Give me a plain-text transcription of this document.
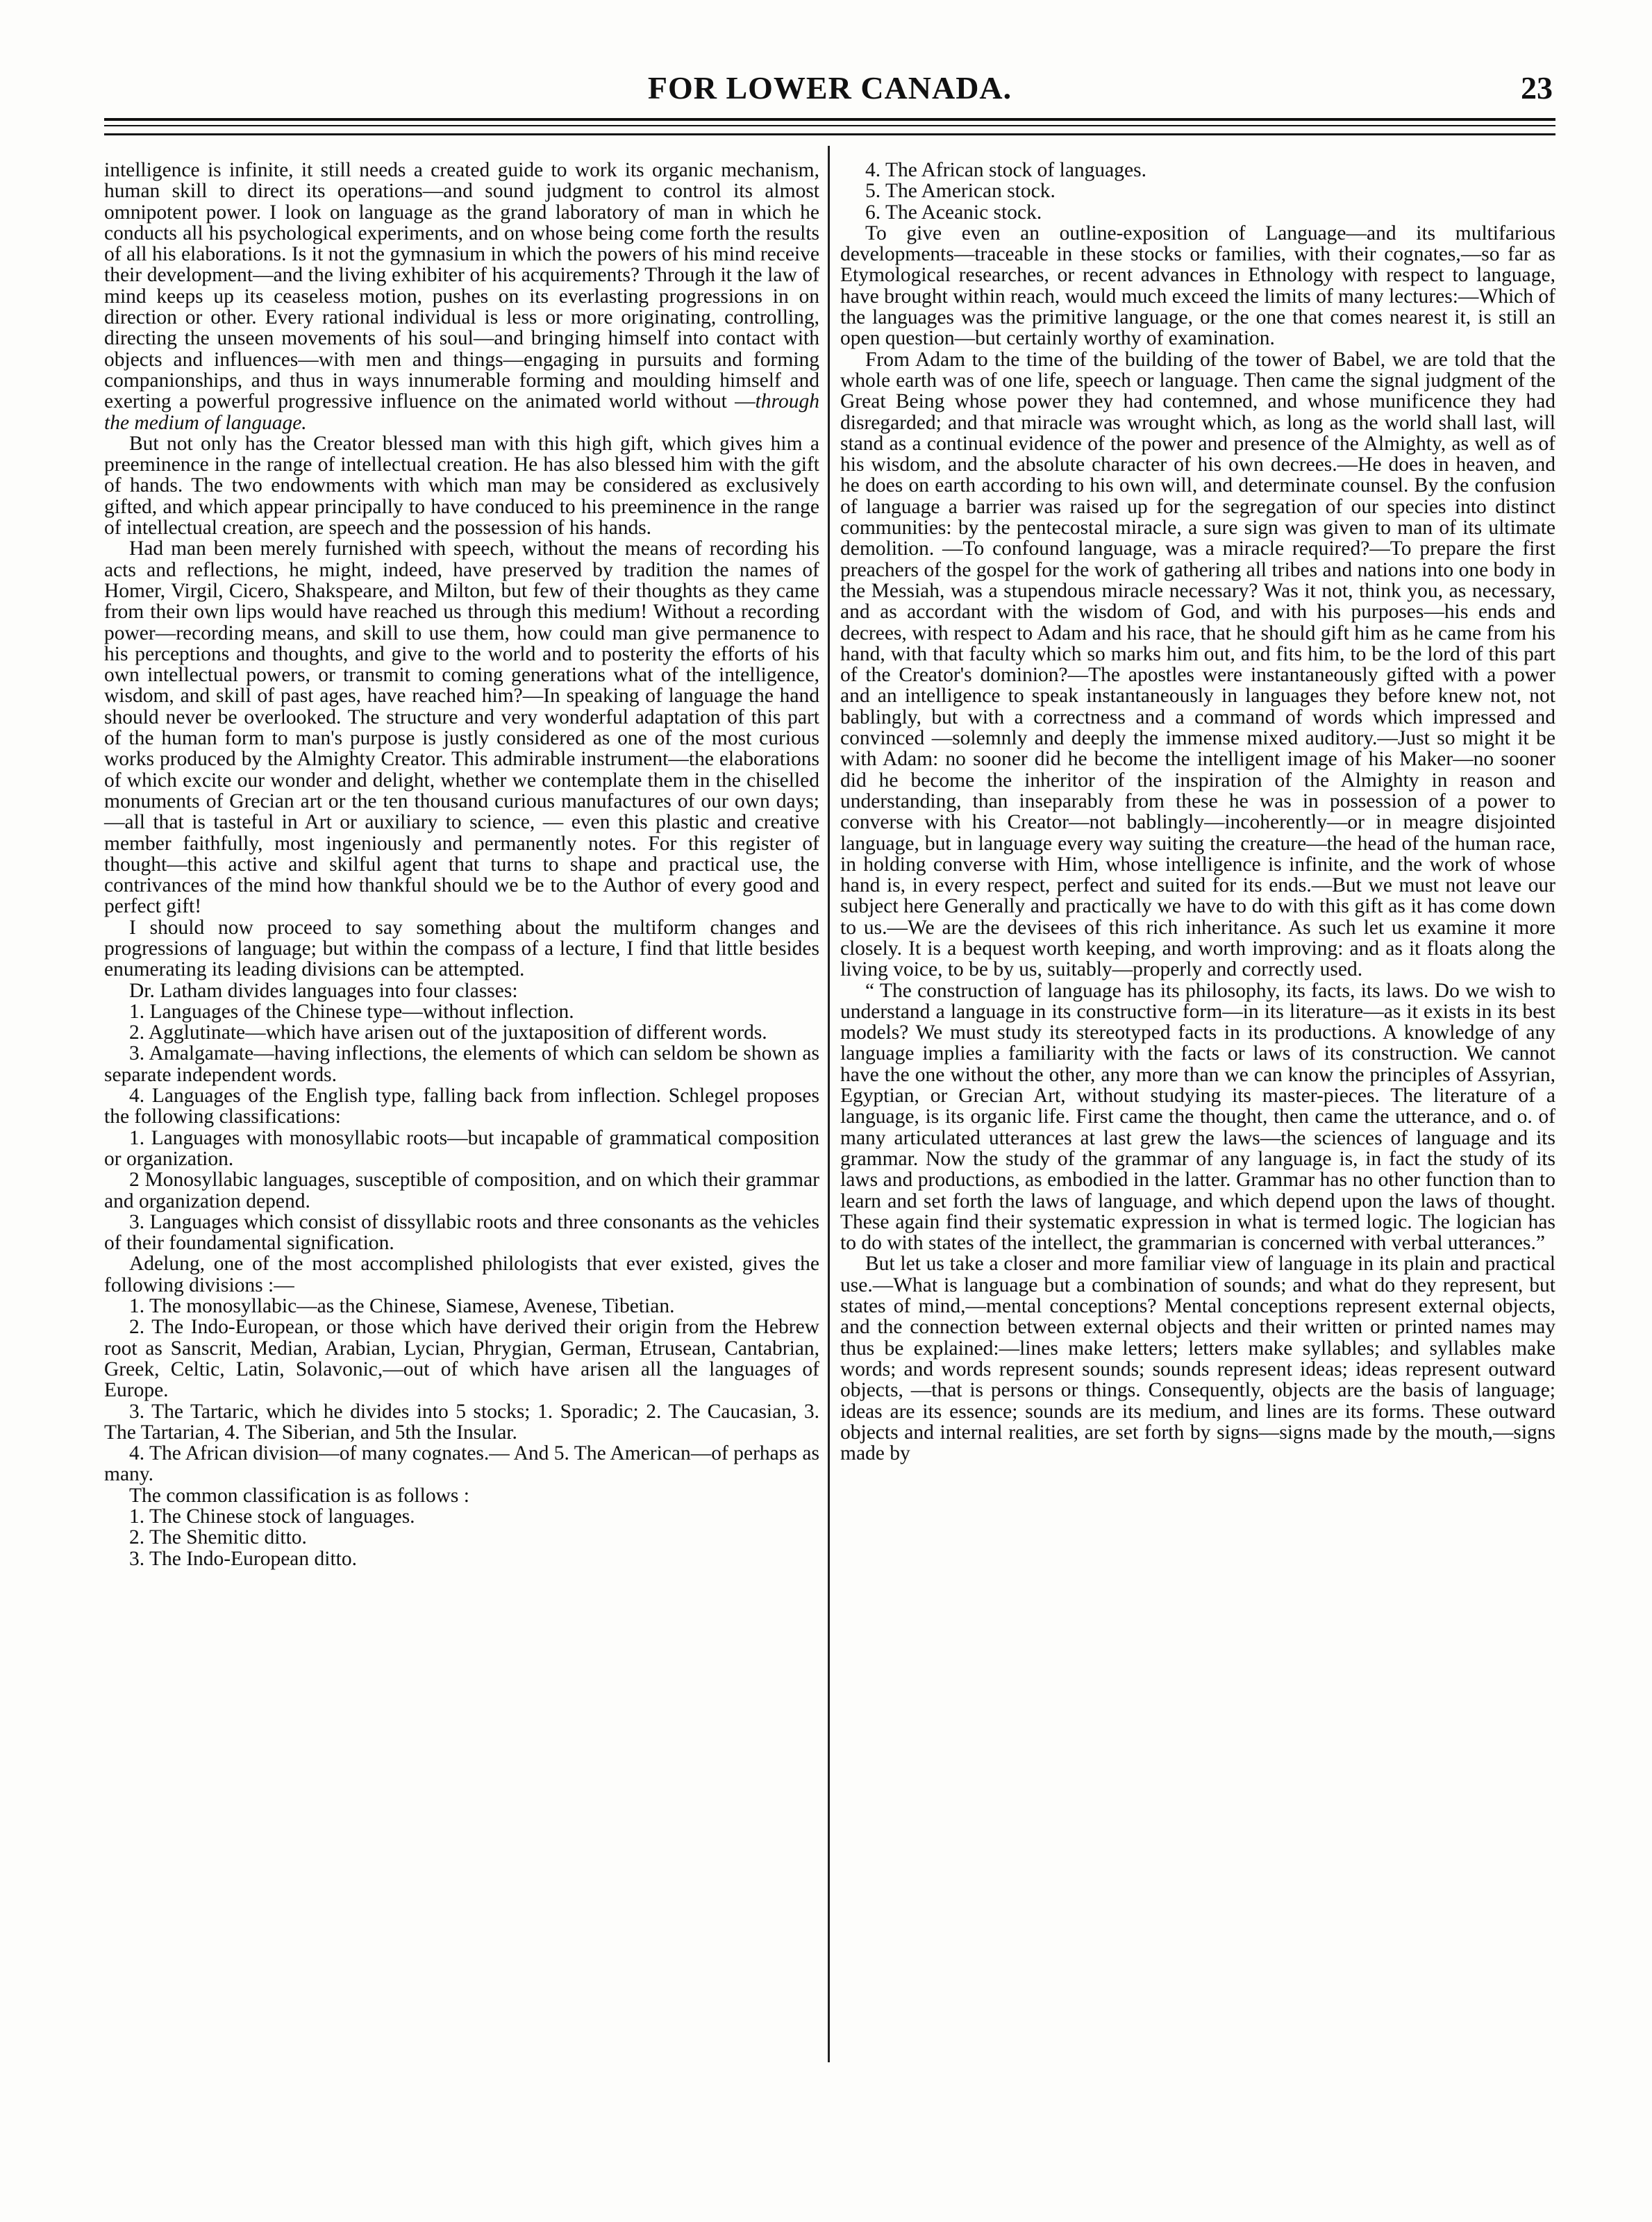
FOR LOWER CANADA.	23

intelligence is infinite, it still needs a created guide to work its organic mechanism, human skill to direct its operations—and sound judgment to control its almost omnipotent power. I look on language as the grand laboratory of man in which he conducts all his psychological experiments, and on whose being come forth the results of all his elaborations. Is it not the gymnasium in which the powers of his mind receive their development—and the living exhibiter of his acquirements? Through it the law of mind keeps up its ceaseless motion, pushes on its everlasting progressions in on direction or other. Every rational individual is less or more originating, controlling, directing the unseen movements of his soul—and bringing himself into contact with objects and influences—with men and things—engaging in pursuits and forming companionships, and thus in ways innumerable forming and moulding himself and exerting a powerful progressive influence on the animated world without —through the medium of language.

But not only has the Creator blessed man with this high gift, which gives him a preeminence in the range of intellectual creation. He has also blessed him with the gift of hands. The two endowments with which man may be considered as exclusively gifted, and which appear principally to have conduced to his preeminence in the range of intellectual creation, are speech and the possession of his hands.

Had man been merely furnished with speech, without the means of recording his acts and reflections, he might, indeed, have preserved by tradition the names of Homer, Virgil, Cicero, Shakspeare, and Milton, but few of their thoughts as they came from their own lips would have reached us through this medium! Without a recording power—recording means, and skill to use them, how could man give permanence to his perceptions and thoughts, and give to the world and to posterity the efforts of his own intellectual powers, or transmit to coming generations what of the intelligence, wisdom, and skill of past ages, have reached him?—In speaking of language the hand should never be overlooked. The structure and very wonderful adaptation of this part of the human form to man's purpose is justly considered as one of the most curious works produced by the Almighty Creator. This admirable instrument—the elaborations of which excite our wonder and delight, whether we contemplate them in the chiselled monuments of Grecian art or the ten thousand curious manufactures of our own days;—all that is tasteful in Art or auxiliary to science, — even this plastic and creative member faithfully, most ingeniously and permanently notes. For this register of thought—this active and skilful agent that turns to shape and practical use, the contrivances of the mind how thankful should we be to the Author of every good and perfect gift!

I should now proceed to say something about the multiform changes and progressions of language; but within the compass of a lecture, I find that little besides enumerating its leading divisions can be attempted.

Dr. Latham divides languages into four classes:

1. Languages of the Chinese type—without inflection.

2. Agglutinate—which have arisen out of the juxtaposition of different words.

3. Amalgamate—having inflections, the elements of which can seldom be shown as separate independent words.

4. Languages of the English type, falling back from inflection. Schlegel proposes the following classifications:

1. Languages with monosyllabic roots—but incapable of grammatical composition or organization.

2 Monosyllabic languages, susceptible of composition, and on which their grammar and organization depend.

3. Languages which consist of dissyllabic roots and three consonants as the vehicles of their foundamental signification.

Adelung, one of the most accomplished philologists that ever existed, gives the following divisions :—

1. The monosyllabic—as the Chinese, Siamese, Avenese, Tibetian.

2. The Indo-European, or those which have derived their origin from the Hebrew root as Sanscrit, Median, Arabian, Lycian, Phrygian, German, Etrusean, Cantabrian, Greek, Celtic, Latin, Solavonic,—out of which have arisen all the languages of Europe.

3. The Tartaric, which he divides into 5 stocks; 1. Sporadic; 2. The Caucasian, 3. The Tartarian, 4. The Siberian, and 5th the Insular.

4. The African division—of many cognates.— And 5. The American—of perhaps as many.

The common classification is as follows :

1. The Chinese stock of languages.

2. The Shemitic ditto.

3. The Indo-European ditto.

4. The African stock of languages.

5. The American stock.

6. The Aceanic stock.

To give even an outline-exposition of Language—and its multifarious developments—traceable in these stocks or families, with their cognates,—so far as Etymological researches, or recent advances in Ethnology with respect to language, have brought within reach, would much exceed the limits of many lectures:—Which of the languages was the primitive language, or the one that comes nearest it, is still an open question—but certainly worthy of examination.

From Adam to the time of the building of the tower of Babel, we are told that the whole earth was of one life, speech or language. Then came the signal judgment of the Great Being whose power they had contemned, and whose munificence they had disregarded; and that miracle was wrought which, as long as the world shall last, will stand as a continual evidence of the power and presence of the Almighty, as well as of his wisdom, and the absolute character of his own decrees.—He does in heaven, and he does on earth according to his own will, and determinate counsel. By the confusion of language a barrier was raised up for the segregation of our species into distinct communities: by the pentecostal miracle, a sure sign was given to man of its ultimate demolition. —To confound language, was a miracle required?—To prepare the first preachers of the gospel for the work of gathering all tribes and nations into one body in the Messiah, was a stupendous miracle necessary? Was it not, think you, as necessary, and as accordant with the wisdom of God, and with his purposes—his ends and decrees, with respect to Adam and his race, that he should gift him as he came from his hand, with that faculty which so marks him out, and fits him, to be the lord of this part of the Creator's dominion?—The apostles were instantaneously gifted with a power and an intelligence to speak instantaneously in languages they before knew not, not bablingly, but with a correctness and a command of words which impressed and convinced —solemnly and deeply the immense mixed auditory.—Just so might it be with Adam: no sooner did he become the intelligent image of his Maker—no sooner did he become the inheritor of the inspiration of the Almighty in reason and understanding, than inseparably from these he was in possession of a power to converse with his Creator—not bablingly—incoherently—or in meagre disjointed language, but in language every way suiting the creature—the head of the human race, in holding converse with Him, whose intelligence is infinite, and the work of whose hand is, in every respect, perfect and suited for its ends.—But we must not leave our subject here Generally and practically we have to do with this gift as it has come down to us.—We are the devisees of this rich inheritance. As such let us examine it more closely. It is a bequest worth keeping, and worth improving: and as it floats along the living voice, to be by us, suitably—properly and correctly used.

“ The construction of language has its philosophy, its facts, its laws. Do we wish to understand a language in its constructive form—in its literature—as it exists in its best models? We must study its stereotyped facts in its productions. A knowledge of any language implies a familiarity with the facts or laws of its construction. We cannot have the one without the other, any more than we can know the principles of Assyrian, Egyptian, or Grecian Art, without studying its master-pieces. The literature of a language, is its organic life. First came the thought, then came the utterance, and o. of many articulated utterances at last grew the laws—the sciences of language and its grammar. Now the study of the grammar of any language is, in fact the study of its laws and productions, as embodied in the latter. Grammar has no other function than to learn and set forth the laws of language, and which depend upon the laws of thought. These again find their systematic expression in what is termed logic. The logician has to do with states of the intellect, the grammarian is concerned with verbal utterances.”

But let us take a closer and more familiar view of language in its plain and practical use.—What is language but a combination of sounds; and what do they represent, but states of mind,—mental conceptions? Mental conceptions represent external objects, and the connection between external objects and their written or printed names may thus be explained:—lines make letters; letters make syllables; and syllables make words; and words represent sounds; sounds represent ideas; ideas represent outward objects, —that is persons or things. Consequently, objects are the basis of language; ideas are its essence; sounds are its medium, and lines are its forms. These outward objects and internal realities, are set forth by signs—signs made by the mouth,—signs made by
